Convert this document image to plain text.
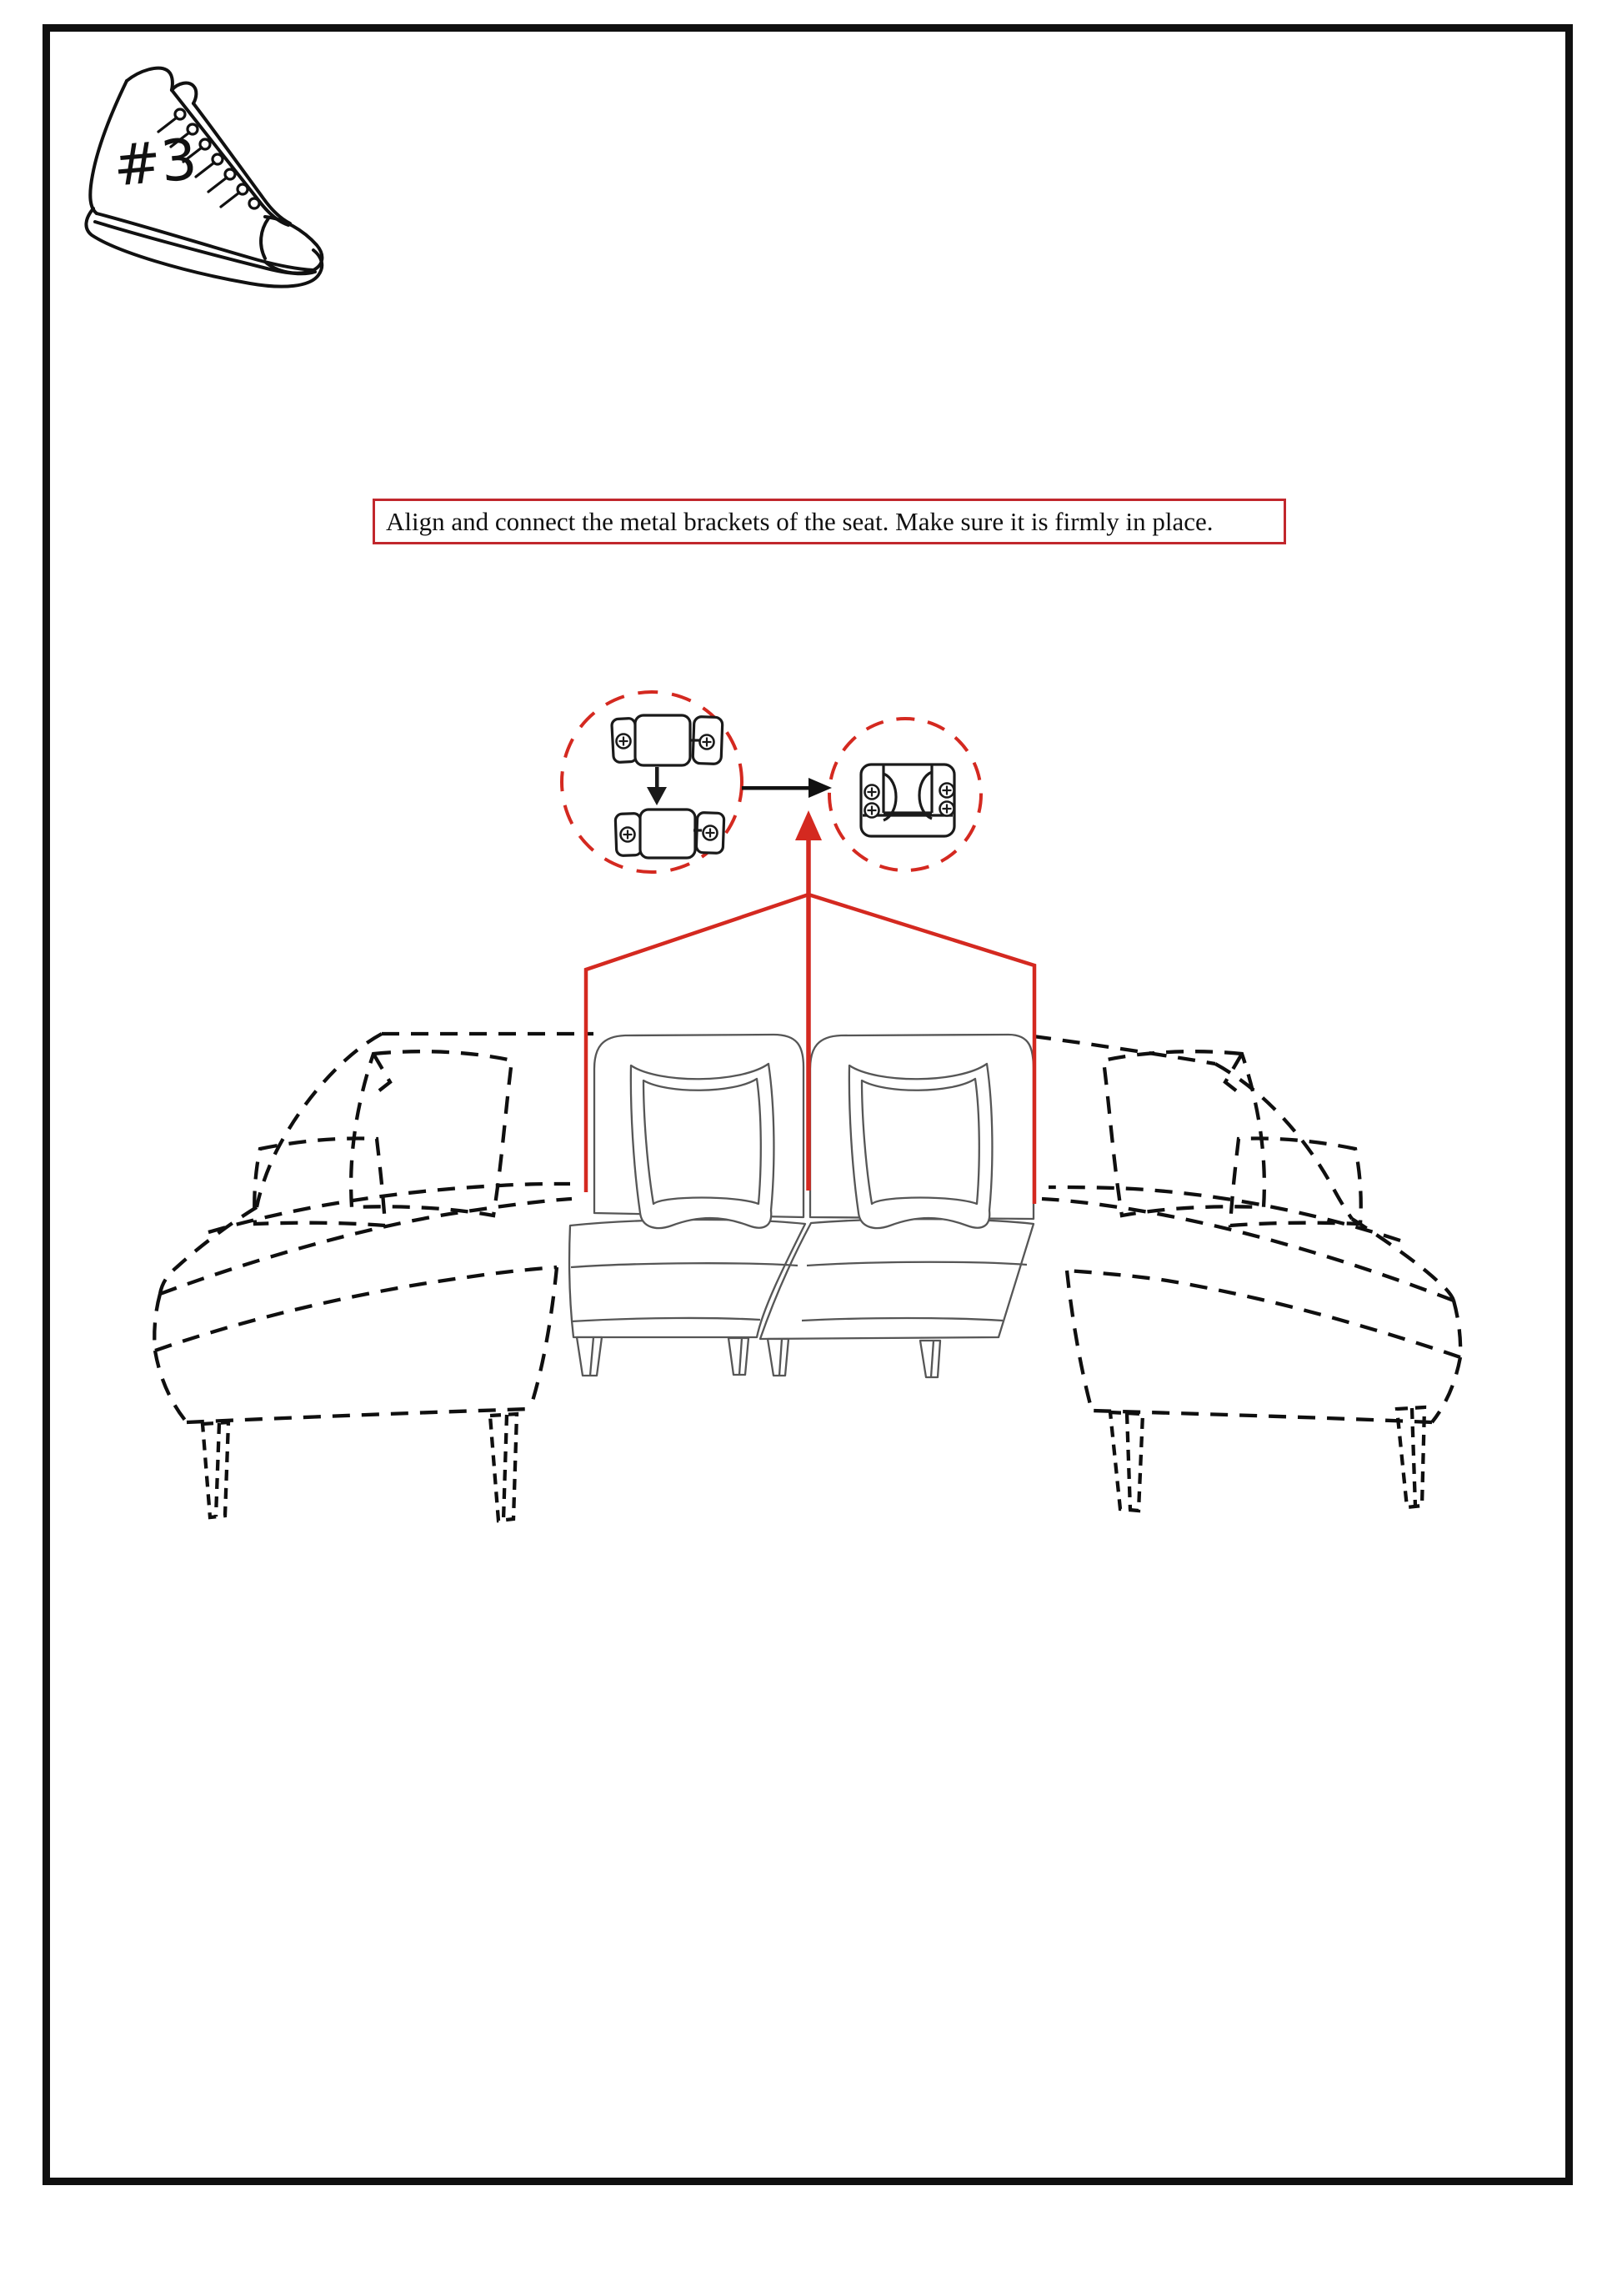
#3
Align and connect the metal brackets of the seat. Make sure it is firmly in place.
